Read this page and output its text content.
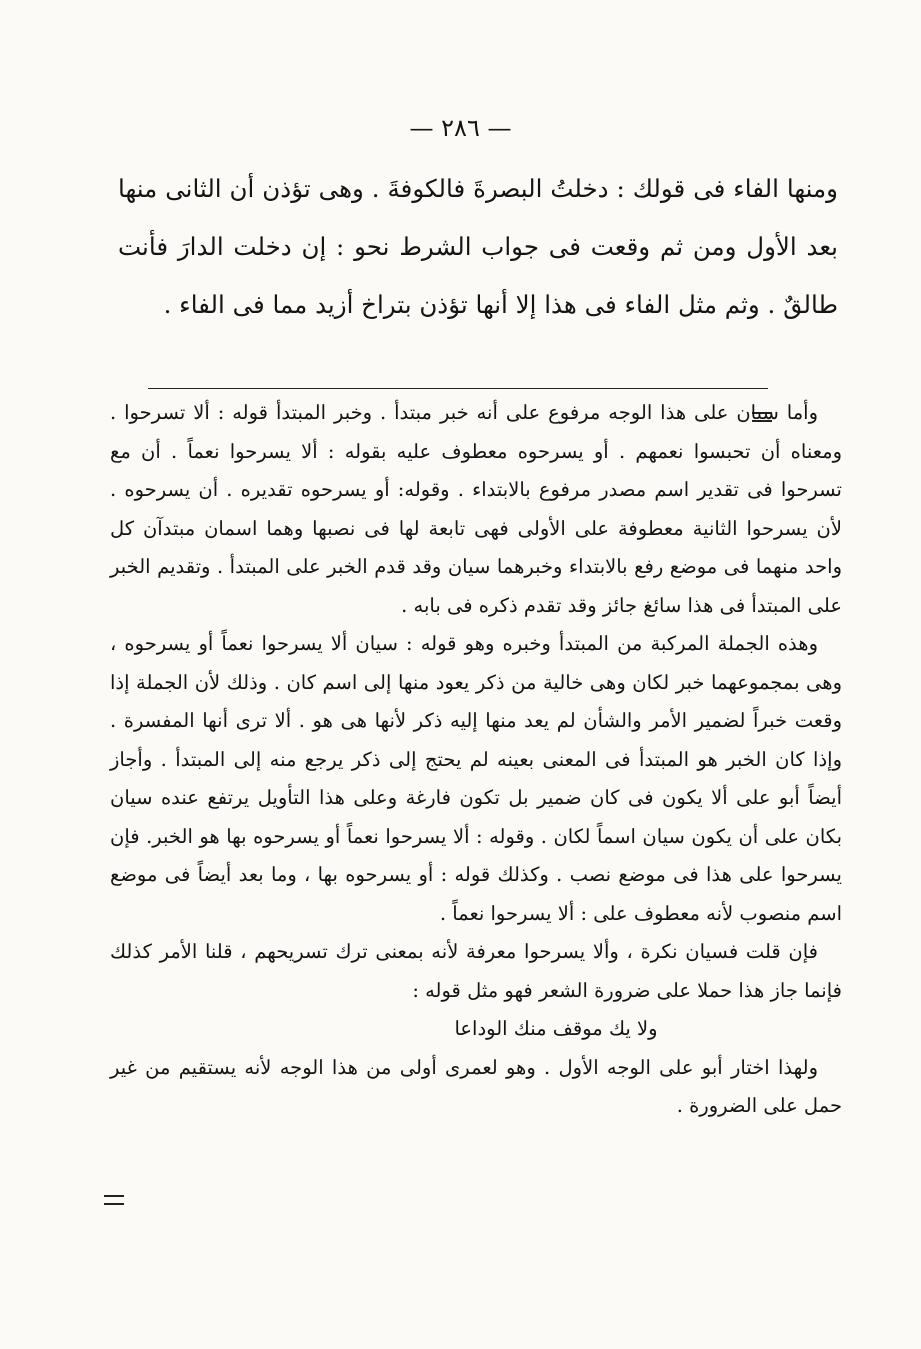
— ٢٨٦ —

ومنها الفاء فى قولك : دخلتُ البصرةَ فالكوفةَ . وهى تؤذن أن الثانى منها بعد الأول ومن ثم وقعت فى جواب الشرط نحو : إن دخلت الدارَ فأنت طالقٌ . وثم مثل الفاء فى هذا إلا أنها تؤذن بتراخ أزيد مما فى الفاء .

وأما سيان على هذا الوجه مرفوع على أنه خبر مبتدأ . وخبر المبتدأ قوله : ألا تسرحوا . ومعناه أن تحبسوا نعمهم . أو يسرحوه معطوف عليه بقوله : ألا يسرحوا نعماً . أن مع تسرحوا فى تقدير اسم مصدر مرفوع بالابتداء . وقوله: أو يسرحوه تقديره . أن يسرحوه . لأن يسرحوا الثانية معطوفة على الأولى فهى تابعة لها فى نصبها وهما اسمان مبتدآن كل واحد منهما فى موضع رفع بالابتداء وخبرهما سيان وقد قدم الخبر على المبتدأ . وتقديم الخبر على المبتدأ فى هذا سائغ جائز وقد تقدم ذكره فى بابه .

وهذه الجملة المركبة من المبتدأ وخبره وهو قوله : سيان ألا يسرحوا نعماً أو يسرحوه ، وهى بمجموعهما خبر لكان وهى خالية من ذكر يعود منها إلى اسم كان . وذلك لأن الجملة إذا وقعت خبراً لضمير الأمر والشأن لم يعد منها إليه ذكر لأنها هى هو . ألا ترى أنها المفسرة . وإذا كان الخبر هو المبتدأ فى المعنى بعينه لم يحتج إلى ذكر يرجع منه إلى المبتدأ . وأجاز أيضاً أبو على ألا يكون فى كان ضمير بل تكون فارغة وعلى هذا التأويل يرتفع عنده سيان بكان على أن يكون سيان اسماً لكان . وقوله : ألا يسرحوا نعماً أو يسرحوه بها هو الخبر. فإن يسرحوا على هذا فى موضع نصب . وكذلك قوله : أو يسرحوه بها ، وما بعد أيضاً فى موضع اسم منصوب لأنه معطوف على : ألا يسرحوا نعماً .

فإن قلت فسيان نكرة ، وألا يسرحوا معرفة لأنه بمعنى ترك تسريحهم ، قلنا الأمر كذلك فإنما جاز هذا حملا على ضرورة الشعر فهو مثل قوله :

ولا يك موقف منك الوداعا

ولهذا اختار أبو على الوجه الأول . وهو لعمرى أولى من هذا الوجه لأنه يستقيم من غير حمل على الضرورة .
